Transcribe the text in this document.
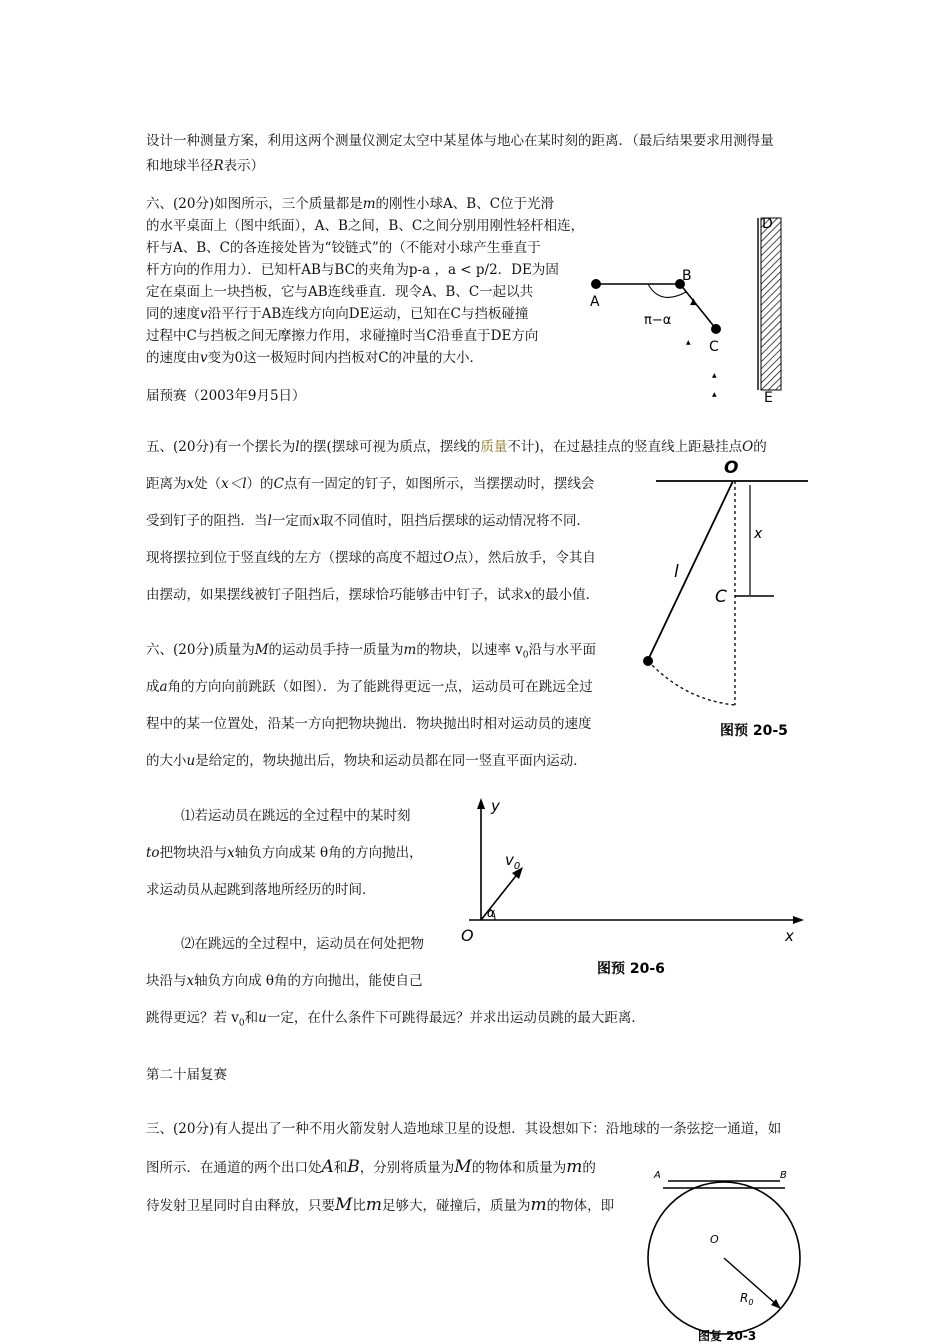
设计一种测量方案，利用这两个测量仪测定太空中某星体与地心在某时刻的距离．（最后结果要求用测得量
和地球半径R表示）
六、(20分)如图所示，三个质量都是m的刚性小球A、B、C位于光滑
的水平桌面上（图中纸面），A、B之间，B、C之间分别用刚性轻杆相连，
杆与A、B、C的各连接处皆为“铰链式”的（不能对小球产生垂直于
杆方向的作用力）．已知杆AB与BC的夹角为p-a ，a < p/2．DE为固
定在桌面上一块挡板，它与AB连线垂直．现令A、B、C一起以共
同的速度v沿平行于AB连线方向向DE运动，已知在C与挡板碰撞
过程中C与挡板之间无摩擦力作用，求碰撞时当C沿垂直于DE方向
的速度由v变为0这一极短时间内挡板对C的冲量的大小．
▲
▲
▲
▲
A
B
C
D
E
π−α
届预赛（2003年9月5日）
五、(20分)有一个摆长为l的摆(摆球可视为质点，摆线的质量不计)，在过悬挂点的竖直线上距悬挂点O的
距离为x处（x＜l）的C点有一固定的钉子，如图所示，当摆摆动时，摆线会
受到钉子的阻挡．当l一定而x取不同值时，阻挡后摆球的运动情况将不同．
现将摆拉到位于竖直线的左方（摆球的高度不超过O点），然后放手，令其自
由摆动，如果摆线被钉子阻挡后，摆球恰巧能够击中钉子，试求x的最小值．
O
x
l
C
图预 20-5
六、(20分)质量为M的运动员手持一质量为m的物块，以速率 $v_0$沿与水平面
成a角的方向向前跳跃（如图）．为了能跳得更远一点，运动员可在跳远全过
程中的某一位置处，沿某一方向把物块抛出．物块抛出时相对运动员的速度
的大小u是给定的，物块抛出后，物块和运动员都在同一竖直平面内运动．
⑴若运动员在跳远的全过程中的某时刻
to把物块沿与x轴负方向成某 θ角的方向抛出，
求运动员从起跳到落地所经历的时间．
⑵在跳远的全过程中，运动员在何处把物
块沿与x轴负方向成 θ角的方向抛出，能使自己
跳得更远？若 $v_0$和u一定，在什么条件下可跳得最远？并求出运动员跳的最大距离．
y
x
O
$v_0$
α
图预 20-6
第二十届复赛
三、(20分)有人提出了一种不用火箭发射人造地球卫星的设想．其设想如下：沿地球的一条弦挖一通道，如
图所示．在通道的两个出口处A和B，分别将质量为M的物体和质量为m的
待发射卫星同时自由释放，只要M比m足够大，碰撞后，质量为m的物体，即
A	B
O
$R_0$
图复 20-3
